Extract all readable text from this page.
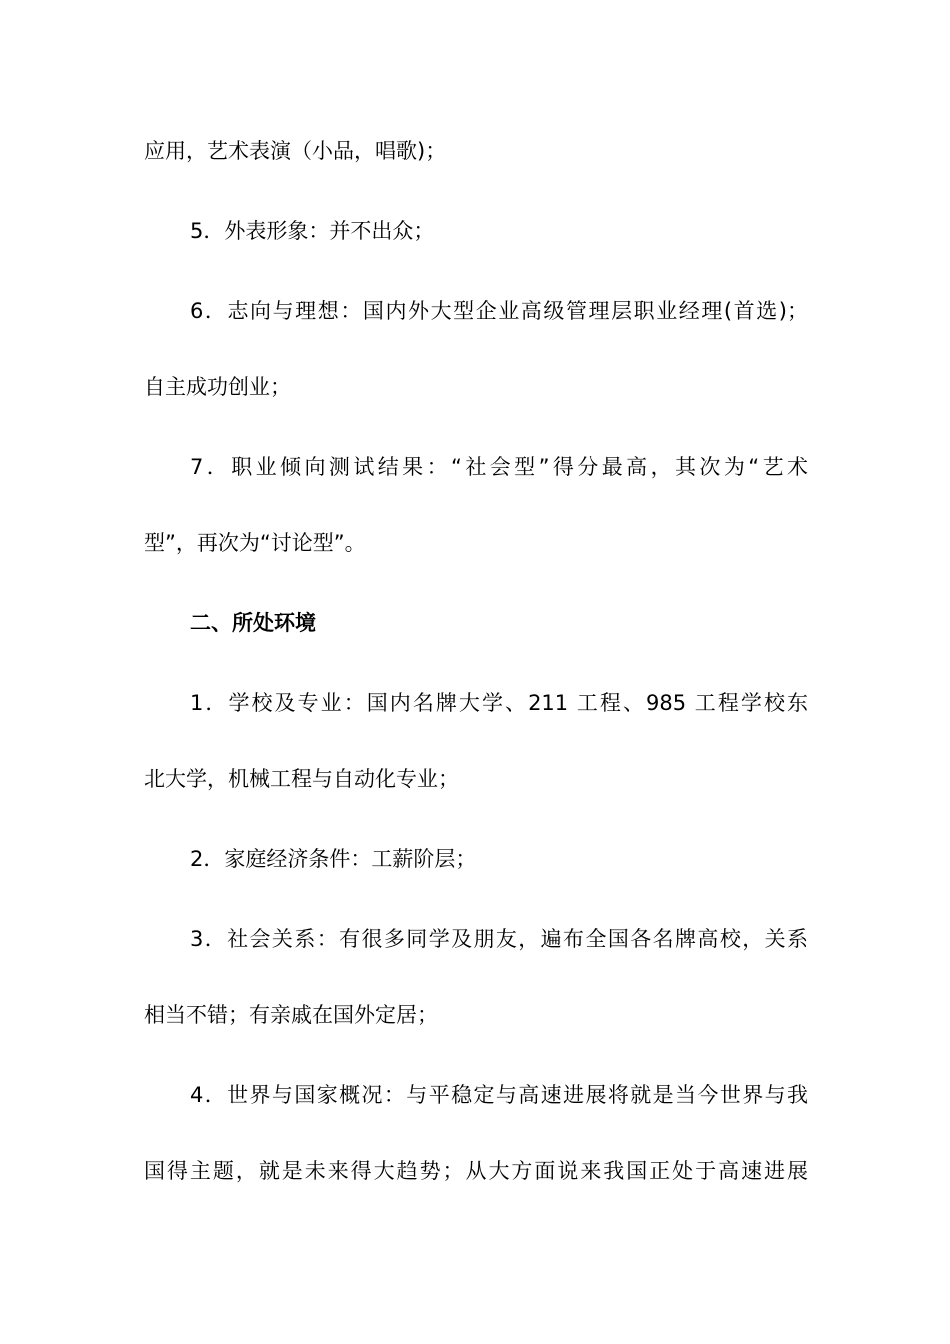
应用，艺术表演（小品，唱歌)；
5．外表形象：并不出众；
6．志向与理想：国内外大型企业高级管理层职业经理(首选)；
自主成功创业；
7．职业倾向测试结果：“社会型”得分最高，其次为“艺术
型”，再次为“讨论型”。
二、所处环境
1．学校及专业：国内名牌大学、211 工程、985 工程学校东
北大学，机械工程与自动化专业；
2．家庭经济条件：工薪阶层；
3．社会关系：有很多同学及朋友，遍布全国各名牌高校，关系
相当不错；有亲戚在国外定居；
4．世界与国家概况：与平稳定与高速进展将就是当今世界与我
国得主题，就是未来得大趋势；从大方面说来我国正处于高速进展
